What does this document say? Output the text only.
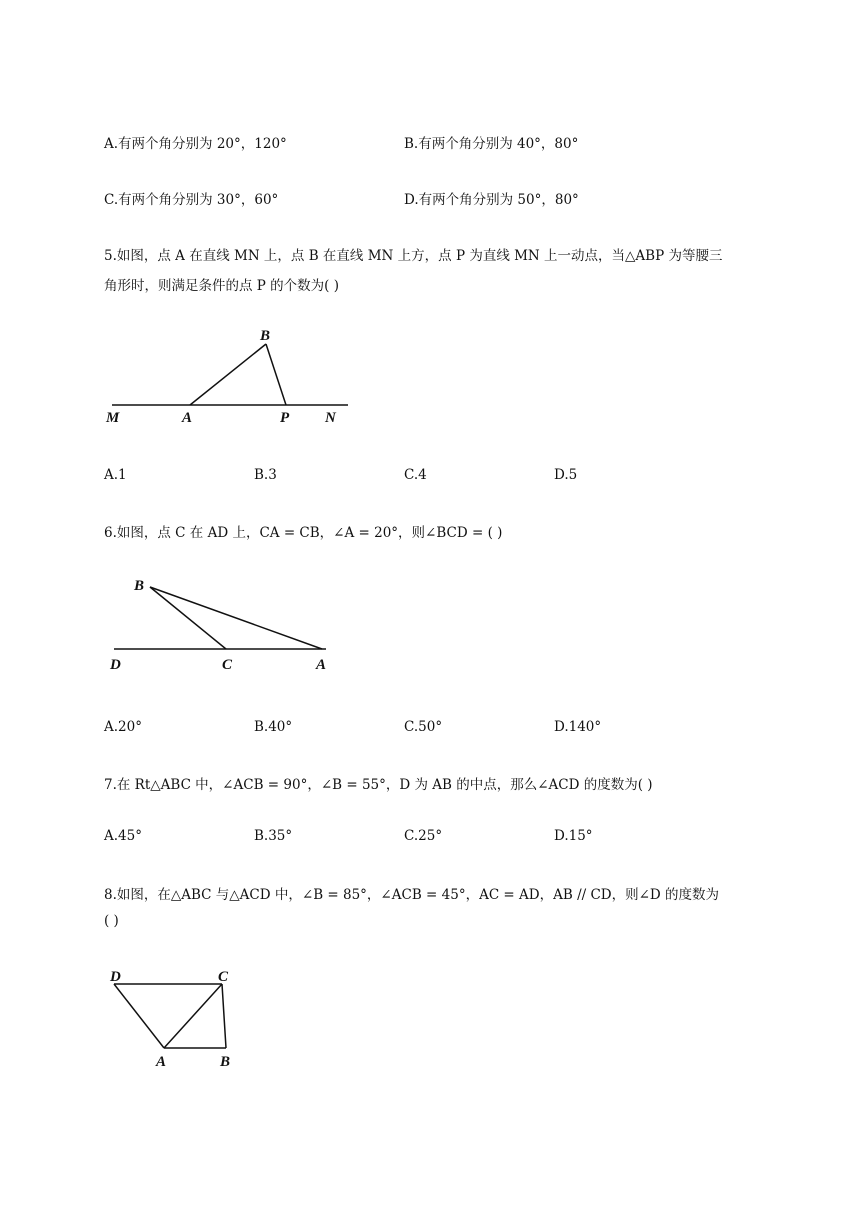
A.有两个角分别为 20°，120°	B.有两个角分别为 40°，80°
C.有两个角分别为 30°，60°	D.有两个角分别为 50°，80°
5.如图，点 A 在直线 MN 上，点 B 在直线 MN 上方，点 P 为直线 MN 上一动点，当△ABP 为等腰三
角形时，则满足条件的点 P 的个数为( )
B
M	A	P N
A.1	B.3	C.4	D.5
6.如图，点 C 在 AD 上，CA = CB，∠A = 20°，则∠BCD = ( )
B
D	C	A
A.20°	B.40°	C.50°	D.140°
7.在 Rt△ABC 中，∠ACB = 90°，∠B = 55°，D 为 AB 的中点，那么∠ACD 的度数为( )
A.45°	B.35°	C.25°	D.15°
8.如图，在△ABC 与△ACD 中，∠B = 85°，∠ACB = 45°，AC = AD，AB // CD，则∠D 的度数为
( )
D	C
A	B
